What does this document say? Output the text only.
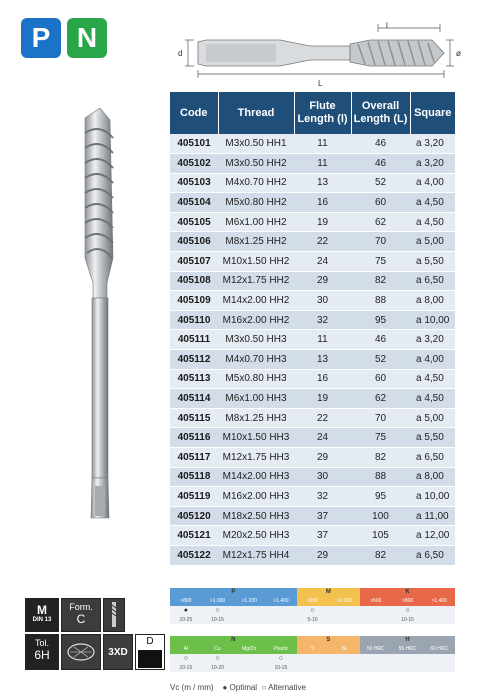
P N	l
d	ø
L
Code	Thread	Flute Length (l)	Overall Length (L)	Square
405101	M3x0.50 HH1	11	46	a 3,20
405102	M3x0.50 HH2	11	46	a 3,20
405103	M4x0.70 HH2	13	52	a 4,00
405104	M5x0.80 HH2	16	60	a 4,50
405105	M6x1.00 HH2	19	62	a 4,50
405106	M8x1.25 HH2	22	70	a 5,00
405107	M10x1.50 HH2	24	75	a 5,50
405108	M12x1.75 HH2	29	82	a 6,50
405109	M14x2.00 HH2	30	88	a 8,00
405110	M16x2.00 HH2	32	95	a 10,00
405111	M3x0.50 HH3	11	46	a 3,20
405112	M4x0.70 HH3	13	52	a 4,00
405113	M5x0.80 HH3	16	60	a 4,50
405114	M6x1.00 HH3	19	62	a 4,50
405115	M8x1.25 HH3	22	70	a 5,00
405116	M10x1.50 HH3	24	75	a 5,50
405117	M12x1.75 HH3	29	82	a 6,50
405118	M14x2.00 HH3	30	88	a 8,00
405119	M16x2.00 HH3	32	95	a 10,00
405120	M18x2.50 HH3	37	100	a 11,00
405121	M20x2.50 HH3	37	105	a 12,00
405122	M12x1.75 HH4	29	82	a 6,50
P	M	K
>800	>1.000	>1.200	>1.400	>950	>1.200	>500	>800	>1.400
●	○	○	○
10-25	10-15	5-10	10-15
N	S	H
Al	Cu	Mg/Zn	Plastic	Ti	Ni	50 HRC	55 HRC	60 HRC
○	○	○
10-15	10-20	10-15
Vc (m / mm) ● Optimal ○ Alternative
M
DIN 13
Form.
C
Tol.
6H	3XD
D
